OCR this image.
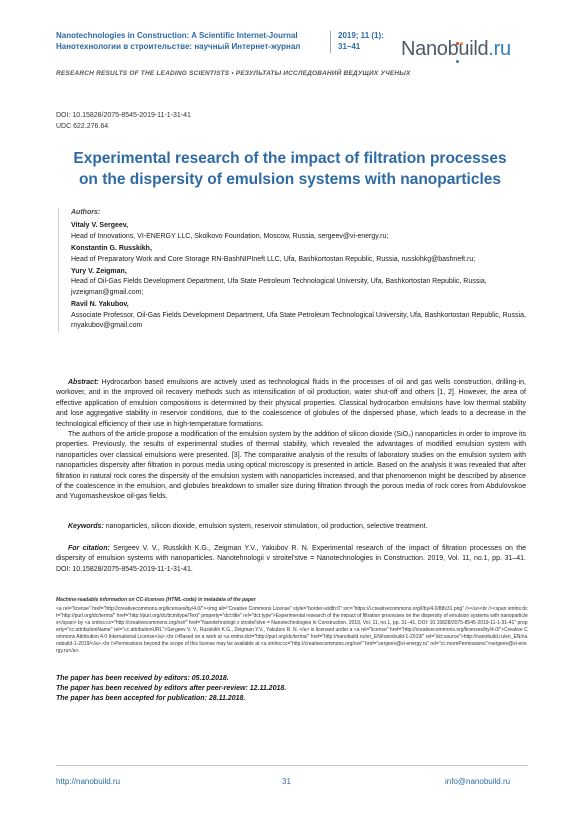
Nanotechnologies in Construction: A Scientific Internet-Journal
Нанотехнологии в строительстве: научный Интернет-журнал
2019; 11 (1):
31–41	Nanobuild.ru
RESEARCH RESULTS OF THE LEADING SCIENTISTS • РЕЗУЛЬТАТЫ ИССЛЕДОВАНИЙ ВЕДУЩИХ УЧЕНЫХ
DOI: 10.15828/2075-8545-2019-11-1-31-41
UDC 622.276.64
Experimental research of the impact of filtration processes
on the dispersity of emulsion systems with nanoparticles
Authors:
Vitaly V. Sergeev,
Head of Innovations, VI-ENERGY LLC, Skolkovo Foundation, Moscow, Russia, sergeev@vi-energy.ru;
Konstantin G. Russkikh,
Head of Preparatory Work and Core Storage RN-BashNIPIneft LLC, Ufa, Bashkortostan Republic, Russia, russkihkg@bashneft.ru;
Yury V. Zeigman,
Head of Oil-Gas Fields Development Department, Ufa State Petroleum Technological University, Ufa, Bashkortostan Republic, Russia, jvzeigman@gmail.com;
Ravil N. Yakubov,
Associate Professor, Oil-Gas Fields Development Department, Ufa State Petroleum Technological University, Ufa, Bashkortostan Republic, Russia, rnyakubov@gmail.com

Abstract: Hydrocarbon based emulsions are actively used as technological fluids in the processes of oil and gas wells construction, drilling-in, workover, and in the improved oil recovery methods such as intensification of oil production, water shut-off and others [1, 2]. However, the area of effective application of emulsion compositions is determined by their physical properties. Classical hydrocarbon emulsions have low thermal stability and lose aggregative stability in reservoir conditions, due to the coalescence of globules of the dispersed phase, which leads to a decrease in the technological efficiency of their use in high-temperature formations.

The authors of the article propose a modification of the emulsion system by the addition of silicon dioxide (SiO₂) nanoparticles in order to improve its properties. Previously, the results of experimental studies of thermal stability, which revealed the advantages of modified emulsion system with nanoparticles over classical emulsions were presented. [3]. The comparative analysis of the results of laboratory studies on the emulsion system with nanoparticles dispersity after filtration in porous media using optical microscopy is presented in article. Based on the analysis it was revealed that after filtration in natural rock cores the dispersity of the emulsion system with nanoparticles increased, and that phenomenon might be described by absence of the coalescence in the emulsion, and globules breakdown to smaller size during filtration through the porous media of rock cores from Abdulovskoe and Yugomashevskoe oil-gas fields.

Keywords: nanoparticles, silicon dioxide, emulsion system, reservoir stimulation, oil production, selective treatment.
For citation: Sergeev V. V., Russkikh K.G., Zeigman Y.V., Yakubov R. N. Experimental research of the impact of filtration processes on the dispersity of emulsion systems with nanoparticles. Nanotehnologii v stroitel'stve = Nanotechnologies in Construction. 2019, Vol. 11, no.1, pp. 31–41. DOI: 10.15828/2075-8545-2019-11-1-31-41.
Machine-readable information on CC-licenses (HTML-code) in metadata of the paper
<a rel="license" href="http://creativecommons.org/licenses/by/4.0/"><img alt="Creative Commons License" style="border-width:0" src="https://i.creativecommons.org/l/by/4.0/88x31.png" /></a><br /><span xmlns:dct="http://purl.org/dc/terms/" href="http://purl.org/dc/dcmitype/Text" property="dct:title" rel="dct:type">Experimental research of the impact of filtration processes on the dispersity of emulsion systems with nanoparticles</span> by <a xmlns:cc="http://creativecommons.org/ns#" href="Nanotehnologii v stroitel'stve = Nanotechnologies in Construction. 2019, Vol. 11, no.1, pp. 31–41. DOI: 10.15828/2075-8545-2019-11-1-31-41" property="cc:attributionName" rel="cc:attributionURL">Sergeev V. V., Russkikh K.G., Zeigman Y.V., Yakubov R. N. </a> is licensed under a <a rel="license" href="http://creativecommons.org/licenses/by/4.0/">Creative Commons Attribution 4.0 International License</a>.<br />Based on a work at <a xmlns:dct="http://purl.org/dc/terms/" href="http://nanobuild.ru/en_EN/nanobuild-1-2019/" rel="dct:source">http://nanobuild.ru/en_EN/nanobuild-1-2019/</a>.<br />Permissions beyond the scope of this license may be available at <a xmlns:cc="http://creativecommons.org/ns#" href="sergeev@vi-energy.ru" rel="cc:morePermissions">sergeev@vi-energy.ru</a>.
The paper has been received by editors: 05.10.2018.
The paper has been received by editors after peer-review: 12.11.2018.
The paper has been accepted for publication: 28.11.2018.
http://nanobuild.ru	31	info@nanobuild.ru
